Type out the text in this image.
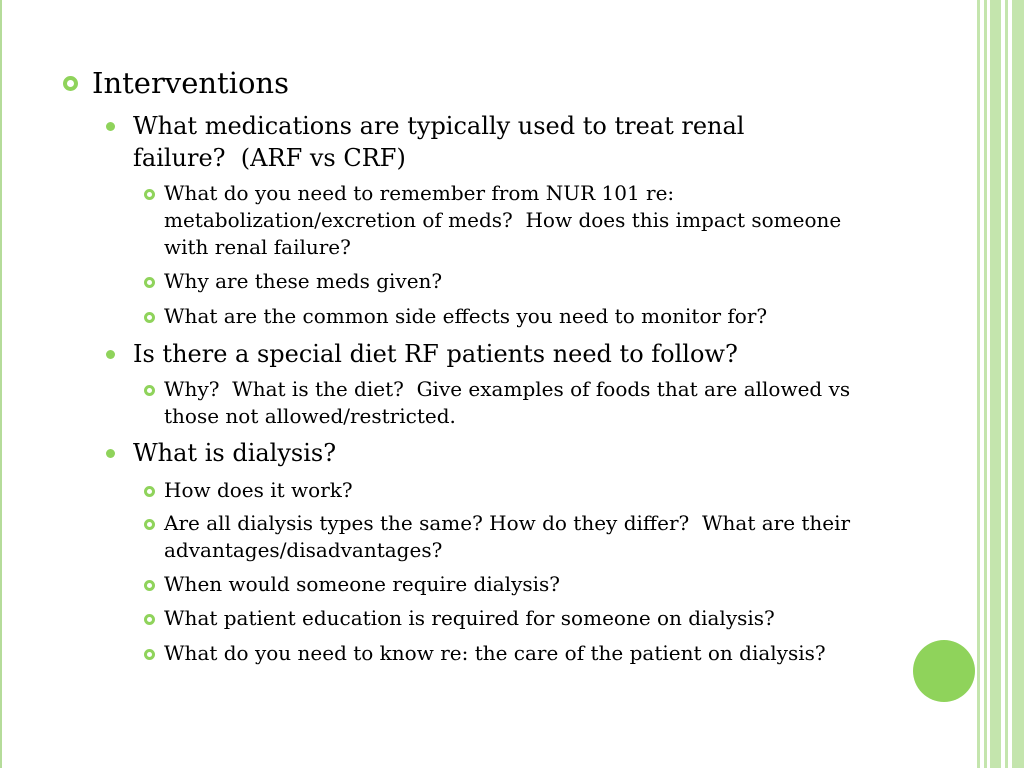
Interventions
What medications are typically used to treat renal failure?  (ARF vs CRF)
What do you need to remember from NUR 101 re: metabolization/excretion of meds?  How does this impact someone with renal failure?
Why are these meds given?
What are the common side effects you need to monitor for?
Is there a special diet RF patients need to follow?
Why?  What is the diet?  Give examples of foods that are allowed vs those not allowed/restricted.
What is dialysis?
How does it work?
Are all dialysis types the same? How do they differ?  What are their advantages/disadvantages?
When would someone require dialysis?
What patient education is required for someone on dialysis?
What do you need to know re: the care of the patient on dialysis?
